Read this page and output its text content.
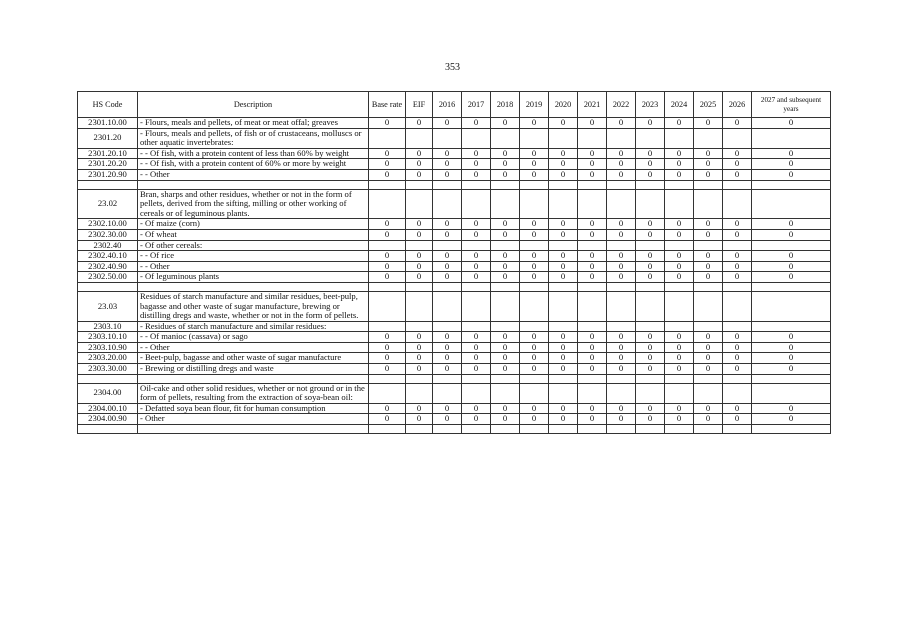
353
HS Code	Description	Base rate	EIF	2016	2017	2018	2019	2020	2021	2022	2023	2024	2025	2026	2027 and subsequent years
2301.10.00	- Flours, meals and pellets, of meat or meat offal; greaves	0	0	0	0	0	0	0	0	0	0	0	0	0	0
2301.20	- Flours, meals and pellets, of fish or of crustaceans, molluscs or other aquatic invertebrates:														
2301.20.10	- - Of fish, with a protein content of less than 60% by weight	0	0	0	0	0	0	0	0	0	0	0	0	0	0
2301.20.20	- - Of fish, with a protein content of 60% or more by weight	0	0	0	0	0	0	0	0	0	0	0	0	0	0
2301.20.90	- - Other	0	0	0	0	0	0	0	0	0	0	0	0	0	0

23.02	Bran, sharps and other residues, whether or not in the form of pellets, derived from the sifting, milling or other working of cereals or of leguminous plants.														
2302.10.00	- Of maize (corn)	0	0	0	0	0	0	0	0	0	0	0	0	0	0
2302.30.00	- Of wheat	0	0	0	0	0	0	0	0	0	0	0	0	0	0
2302.40	- Of other cereals:														
2302.40.10	- - Of rice	0	0	0	0	0	0	0	0	0	0	0	0	0	0
2302.40.90	- - Other	0	0	0	0	0	0	0	0	0	0	0	0	0	0
2302.50.00	- Of leguminous plants	0	0	0	0	0	0	0	0	0	0	0	0	0	0

23.03	Residues of starch manufacture and similar residues, beet-pulp, bagasse and other waste of sugar manufacture, brewing or distilling dregs and waste, whether or not in the form of pellets.														
2303.10	- Residues of starch manufacture and similar residues:														
2303.10.10	- - Of manioc (cassava) or sago	0	0	0	0	0	0	0	0	0	0	0	0	0	0
2303.10.90	- - Other	0	0	0	0	0	0	0	0	0	0	0	0	0	0
2303.20.00	- Beet-pulp, bagasse and other waste of sugar manufacture	0	0	0	0	0	0	0	0	0	0	0	0	0	0
2303.30.00	- Brewing or distilling dregs and waste	0	0	0	0	0	0	0	0	0	0	0	0	0	0

2304.00	Oil-cake and other solid residues, whether or not ground or in the form of pellets, resulting from the extraction of soya-bean oil:														
2304.00.10	- Defatted soya bean flour, fit for human consumption	0	0	0	0	0	0	0	0	0	0	0	0	0	0
2304.00.90	- Other	0	0	0	0	0	0	0	0	0	0	0	0	0	0
